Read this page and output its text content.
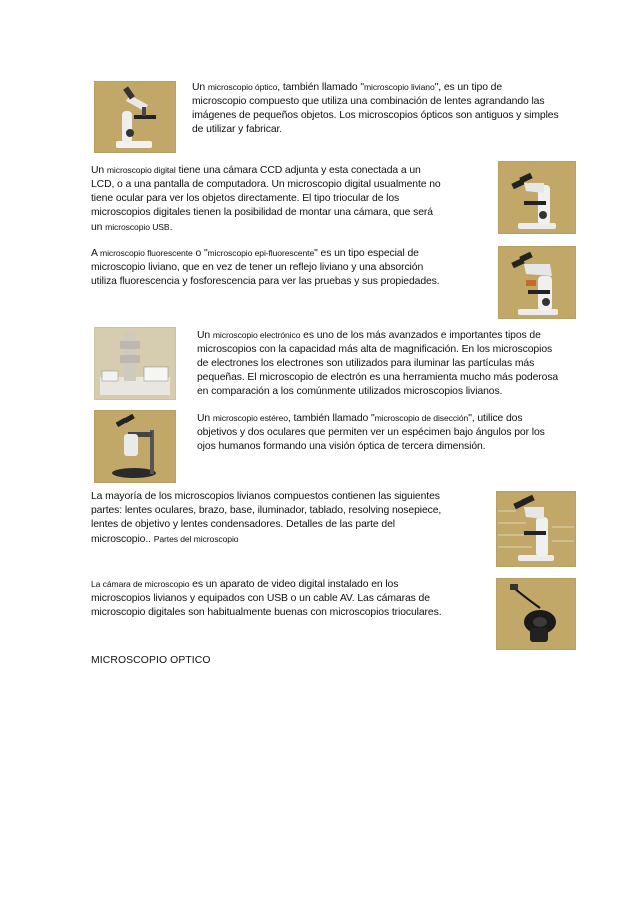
Un microscopio óptico, también llamado "microscopio liviano", es un tipo de
microscopio compuesto que utiliza una combinación de lentes agrandando las
imágenes de pequeños objetos. Los microscopios ópticos son antiguos y simples
de utilizar y fabricar.
Un microscopio digital tiene una cámara CCD adjunta y esta conectada a un
LCD, o a una pantalla de computadora. Un microscopio digital usualmente no
tiene ocular para ver los objetos directamente. El tipo triocular de los
microscopios digitales tienen la posibilidad de montar una cámara, que será
un microscopio USB.
A microscopio fluorescente o "microscopio epi-fluorescente" es un tipo especial de
microscopio liviano, que en vez de tener un reflejo liviano y una absorción
utiliza fluorescencia y fosforescencia para ver las pruebas y sus propiedades.
Un microscopio electrónico es uno de los más avanzados e importantes tipos de
microscopios con la capacidad más alta de magnificación. En los microscopios
de electrones los electrones son utilizados para iluminar las partículas más
pequeñas. El microscopio de electrón es una herramienta mucho más poderosa
en comparación a los comúnmente utilizados microscopios livianos.
Un microscopio estéreo, también llamado "microscopio de disección", utilice dos
objetivos y dos oculares que permiten ver un espécimen bajo ángulos por los
ojos humanos formando una visión óptica de tercera dimensión.
La mayoría de los microscopios livianos compuestos contienen las siguientes
partes: lentes oculares, brazo, base, iluminador, tablado, resolving nosepiece,
lentes de objetivo y lentes condensadores. Detalles de las parte del
microscopio.. Partes del microscopio
La cámara de microscopio es un aparato de video digital instalado en los
microscopios livianos y equipados con USB o un cable AV. Las cámaras de
microscopio digitales son habitualmente buenas con microscopios trioculares.
MICROSCOPIO OPTICO
